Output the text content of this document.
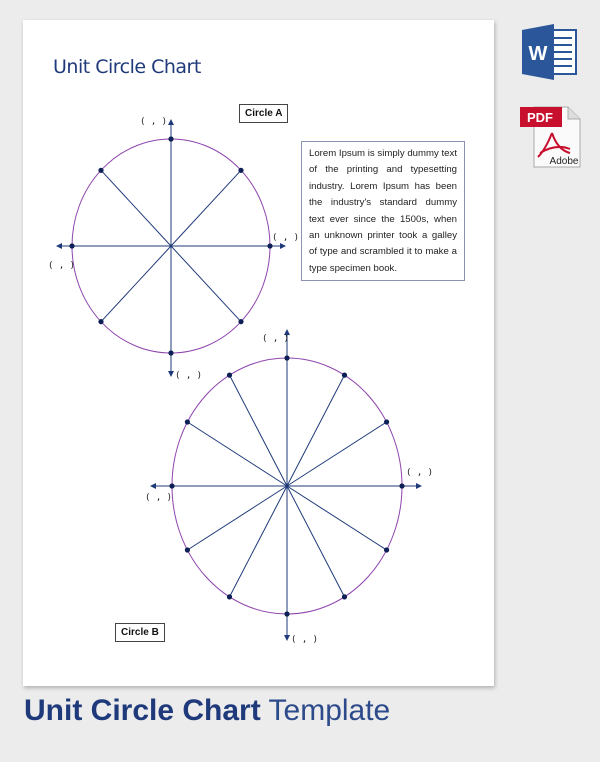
Unit Circle Chart
Circle A
Circle B
Lorem Ipsum is simply dummy text of the printing and typesetting industry. Lorem Ipsum has been the industry's standard dummy text ever since the 1500s, when an unknown printer took a galley of type and scrambled it to make a type specimen book.
( , )
( , )
( , )
( , )
( , )
( , )
( , )
( , )
Unit Circle Chart Template
W
PDF
Adobe
